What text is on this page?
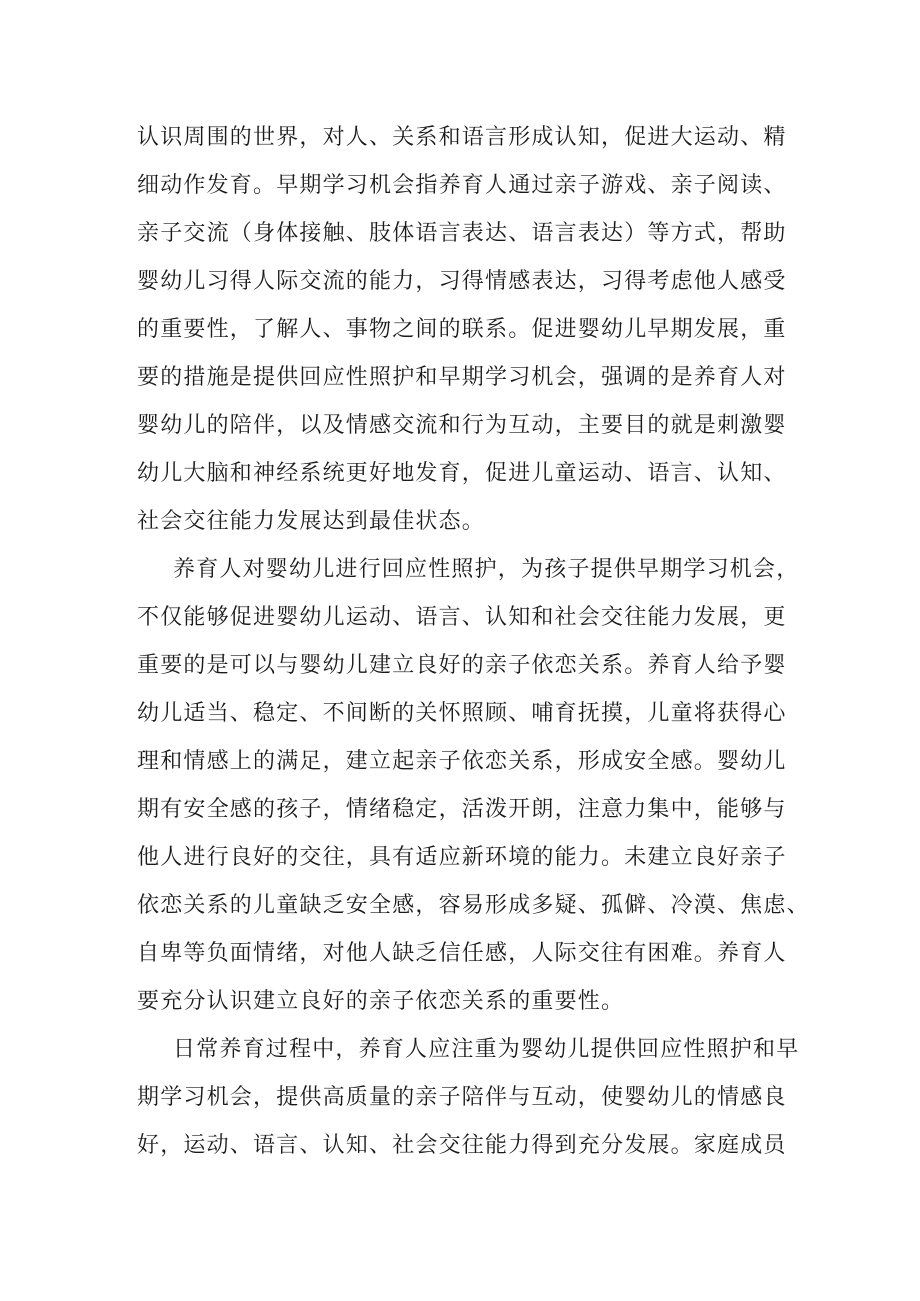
认识周围的世界，对人、关系和语言形成认知，促进大运动、精
细动作发育。早期学习机会指养育人通过亲子游戏、亲子阅读、
亲子交流（身体接触、肢体语言表达、语言表达）等方式，帮助
婴幼儿习得人际交流的能力，习得情感表达，习得考虑他人感受
的重要性，了解人、事物之间的联系。促进婴幼儿早期发展，重
要的措施是提供回应性照护和早期学习机会，强调的是养育人对
婴幼儿的陪伴，以及情感交流和行为互动，主要目的就是刺激婴
幼儿大脑和神经系统更好地发育，促进儿童运动、语言、认知、
社会交往能力发展达到最佳状态。
养育人对婴幼儿进行回应性照护，为孩子提供早期学习机会，
不仅能够促进婴幼儿运动、语言、认知和社会交往能力发展，更
重要的是可以与婴幼儿建立良好的亲子依恋关系。养育人给予婴
幼儿适当、稳定、不间断的关怀照顾、哺育抚摸，儿童将获得心
理和情感上的满足，建立起亲子依恋关系，形成安全感。婴幼儿
期有安全感的孩子，情绪稳定，活泼开朗，注意力集中，能够与
他人进行良好的交往，具有适应新环境的能力。未建立良好亲子
依恋关系的儿童缺乏安全感，容易形成多疑、孤僻、冷漠、焦虑、
自卑等负面情绪，对他人缺乏信任感，人际交往有困难。养育人
要充分认识建立良好的亲子依恋关系的重要性。
日常养育过程中，养育人应注重为婴幼儿提供回应性照护和早
期学习机会，提供高质量的亲子陪伴与互动，使婴幼儿的情感良
好，运动、语言、认知、社会交往能力得到充分发展。家庭成员
